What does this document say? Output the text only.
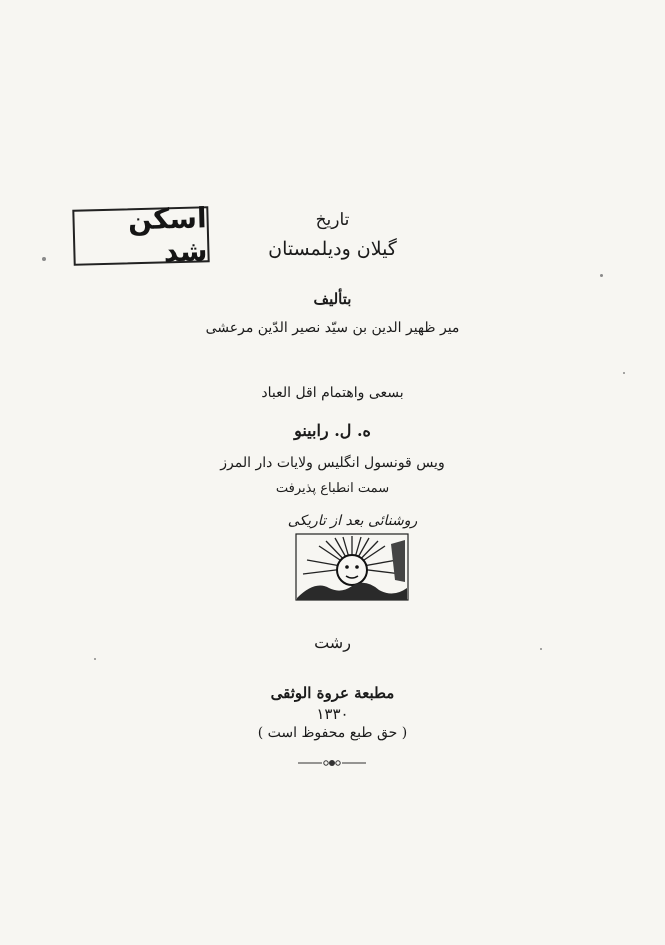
اسکن شد
تاریخ
گیلان ودیلمستان
بتألیف
میر ظهیر الدین بن سیّد نصیر الدّین مرعشی
بسعی واهتمام اقل العباد
ه. ل. رابینو
ویس قونسول انگلیس ولایات دار المرز
سمت انطباع پذیرفت
روشنائی بعد از تاریکی
رشت
مطبعة عروة الوثقی
۱۳۳۰
( حق طبع محفوظ است )
